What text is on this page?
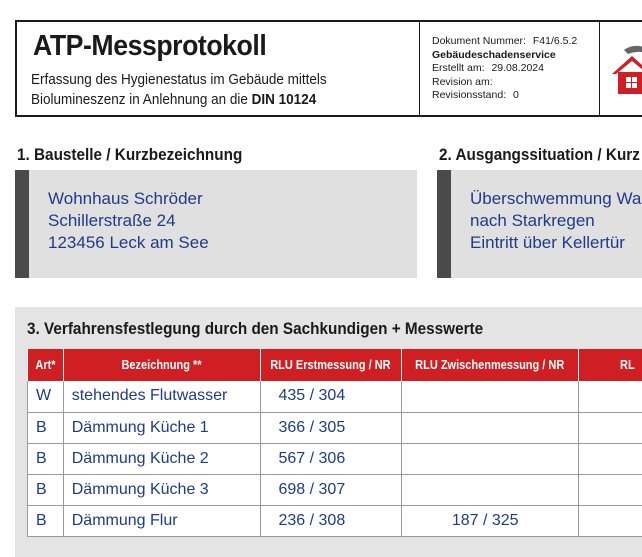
ATP-Messprotokoll
Erfassung des Hygienestatus im Gebäude mittels
Biolumineszenz in Anlehnung an die DIN 10124
Dokument Nummer: F41/6.5.2
Gebäudeschadenservice
Erstellt am: 29.08.2024
Revision am:
Revisionsstand: 0
1. Baustelle / Kurzbezeichnung
Wohnhaus Schröder
Schillerstraße 24
123456 Leck am See
2. Ausgangssituation / Kurz
Überschwemmung Wa
nach Starkregen
Eintritt über Kellertür
3. Verfahrensfestlegung durch den Sachkundigen + Messwerte
Art*	Bezeichnung **	RLU Erstmessung / NR	RLU Zwischenmessung / NR	RL
W	stehendes Flutwasser	435 / 304		
B	Dämmung Küche 1	366 / 305		
B	Dämmung Küche 2	567 / 306		
B	Dämmung Küche 3	698 / 307		
B	Dämmung Flur	236 / 308	187 / 325	
